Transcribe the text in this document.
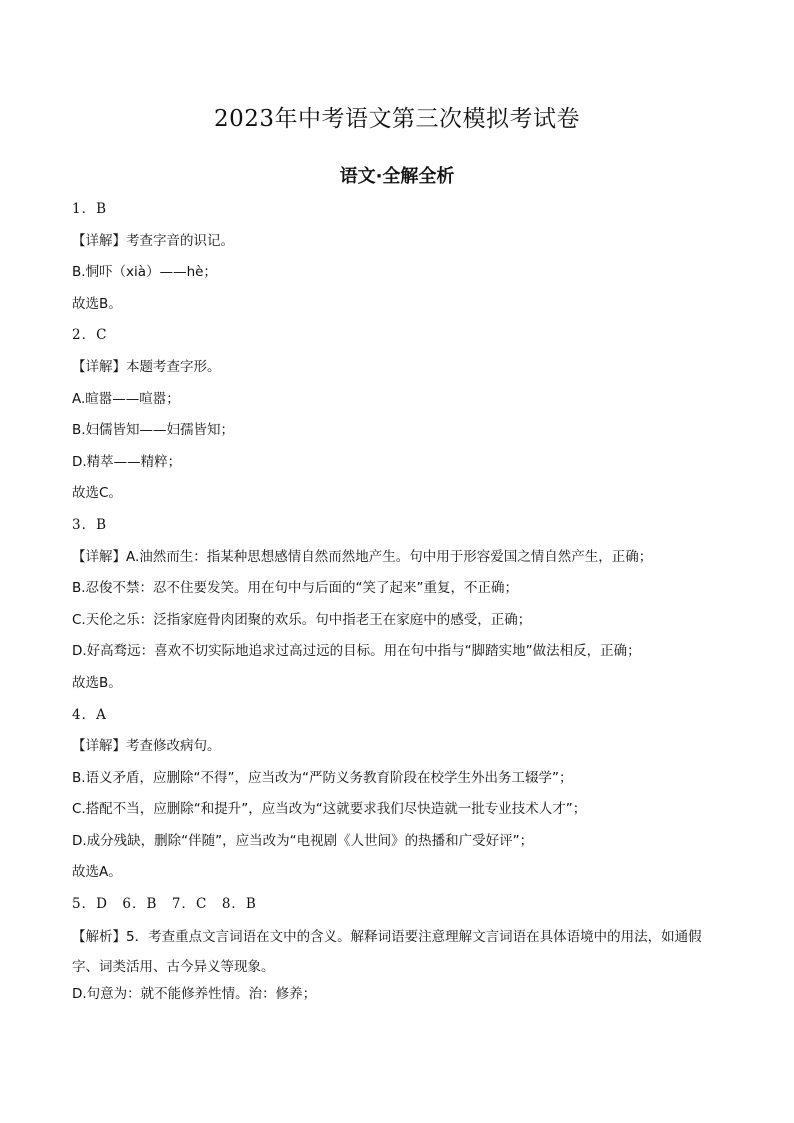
2023年中考语文第三次模拟考试卷
语文·全解全析
1．B
【详解】考查字音的识记。
B.恫吓（xià）——hè；
故选B。
2．C
【详解】本题考查字形。
A.暄嚣——喧嚣；
B.妇儒皆知——妇孺皆知；
D.精萃——精粹；
故选C。
3．B
【详解】A.油然而生：指某种思想感情自然而然地产生。句中用于形容爱国之情自然产生，正确；
B.忍俊不禁：忍不住要发笑。用在句中与后面的“笑了起来”重复，不正确；
C.天伦之乐：泛指家庭骨肉团聚的欢乐。句中指老王在家庭中的感受，正确；
D.好高骛远：喜欢不切实际地追求过高过远的目标。用在句中指与“脚踏实地”做法相反，正确；
故选B。
4．A
【详解】考查修改病句。
B.语义矛盾，应删除“不得”，应当改为“严防义务教育阶段在校学生外出务工辍学”；
C.搭配不当，应删除“和提升”，应当改为“这就要求我们尽快造就一批专业技术人才”；
D.成分残缺，删除“伴随”，应当改为“电视剧《人世间》的热播和广受好评”；
故选A。
5．D　6．B　7．C　8．B
【解析】5．考查重点文言词语在文中的含义。解释词语要注意理解文言词语在具体语境中的用法，如通假字、词类活用、古今异义等现象。
D.句意为：就不能修养性情。治：修养；
